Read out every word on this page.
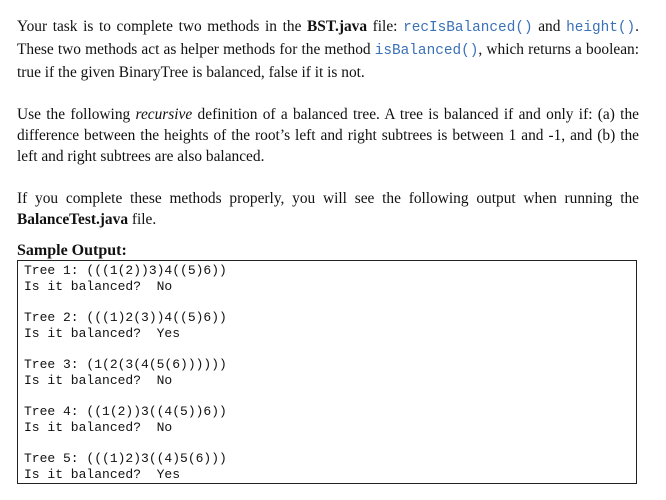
Your task is to complete two methods in the BST.java file: recIsBalanced() and height(). These two methods act as helper methods for the method isBalanced(), which returns a boolean: true if the given BinaryTree is balanced, false if it is not.

Use the following recursive definition of a balanced tree. A tree is balanced if and only if: (a) the difference between the heights of the root’s left and right subtrees is between 1 and -1, and (b) the left and right subtrees are also balanced.

If you complete these methods properly, you will see the following output when running the BalanceTest.java file.

Sample Output:
Tree 1: (((1(2))3)4((5)6))
Is it balanced?  No
Tree 2: (((1)2(3))4((5)6))
Is it balanced?  Yes
Tree 3: (1(2(3(4(5(6))))))
Is it balanced?  No
Tree 4: ((1(2))3((4(5))6))
Is it balanced?  No
Tree 5: (((1)2)3((4)5(6)))
Is it balanced?  Yes
